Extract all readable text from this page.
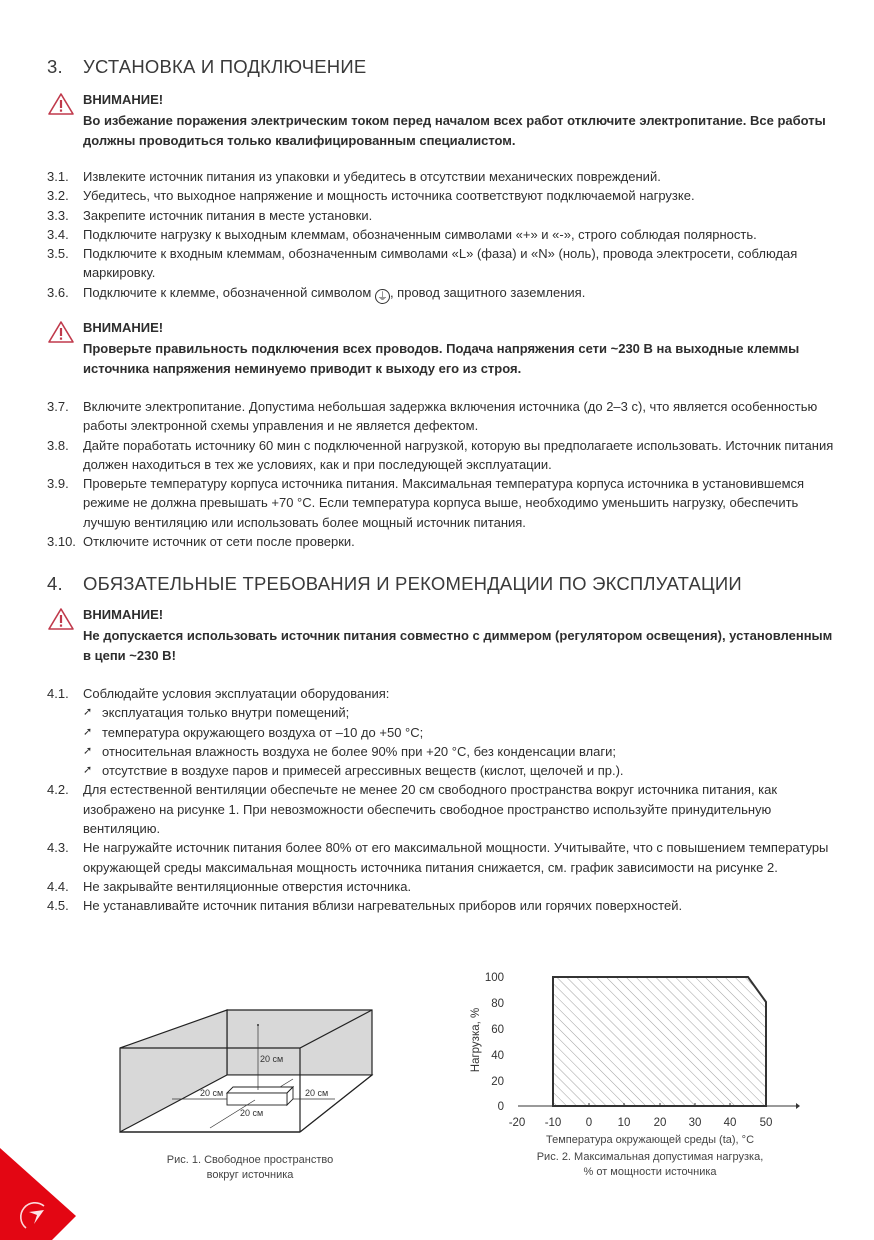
3. УСТАНОВКА И ПОДКЛЮЧЕНИЕ
ВНИМАНИЕ!
Во избежание поражения электрическим током перед началом всех работ отключите электропитание. Все работы должны проводиться только квалифицированным специалистом.
3.1. Извлеките источник питания из упаковки и убедитесь в отсутствии механических повреждений.
3.2. Убедитесь, что выходное напряжение и мощность источника соответствуют подключаемой нагрузке.
3.3. Закрепите источник питания в месте установки.
3.4. Подключите нагрузку к выходным клеммам, обозначенным символами «+» и «-», строго соблюдая полярность.
3.5. Подключите к входным клеммам, обозначенным символами «L» (фаза) и «N» (ноль), провода электросети, соблюдая маркировку.
3.6. Подключите к клемме, обозначенной символом ⏚ , провод защитного заземления.
ВНИМАНИЕ!
Проверьте правильность подключения всех проводов. Подача напряжения сети ~230 В на выходные клеммы источника напряжения неминуемо приводит к выходу его из строя.
3.7. Включите электропитание. Допустима небольшая задержка включения источника (до 2–3 с), что является особенностью работы электронной схемы управления и не является дефектом.
3.8. Дайте поработать источнику 60 мин с подключенной нагрузкой, которую вы предполагаете использовать. Источник питания должен находиться в тех же условиях, как и при последующей эксплуатации.
3.9. Проверьте температуру корпуса источника питания. Максимальная температура корпуса источника в установившемся режиме не должна превышать +70 °С. Если температура корпуса выше, необходимо уменьшить нагрузку, обеспечить лучшую вентиляцию или использовать более мощный источник питания.
3.10. Отключите источник от сети после проверки.
4. ОБЯЗАТЕЛЬНЫЕ ТРЕБОВАНИЯ И РЕКОМЕНДАЦИИ ПО ЭКСПЛУАТАЦИИ
ВНИМАНИЕ!
Не допускается использовать источник питания совместно с диммером (регулятором освещения), установленным в цепи ~230 В!
4.1. Соблюдайте условия эксплуатации оборудования:
➚ эксплуатация только внутри помещений;
➚ температура окружающего воздуха от –10 до +50 °С;
➚ относительная влажность воздуха не более 90% при +20 °С, без конденсации влаги;
➚ отсутствие в воздухе паров и примесей агрессивных веществ (кислот, щелочей и пр.).
4.2. Для естественной вентиляции обеспечьте не менее 20 см свободного пространства вокруг источника питания, как изображено на рисунке 1. При невозможности обеспечить свободное пространство используйте принудительную вентиляцию.
4.3. Не нагружайте источник питания более 80% от его максимальной мощности. Учитывайте, что с повышением температуры окружающей среды максимальная мощность источника питания снижается, см. график зависимости на рисунке 2.
4.4. Не закрывайте вентиляционные отверстия источника.
4.5. Не устанавливайте источник питания вблизи нагревательных приборов или горячих поверхностей.
20 см
20 см	20 см
20 см
Рис. 1. Свободное пространство
вокруг источника
0
20
40
60
80
100
-20 -10 0 10 20 30 40 50
Нагрузка, %
Температура окружающей среды (ta), °С
Рис. 2. Максимальная допустимая нагрузка,
% от мощности источника
